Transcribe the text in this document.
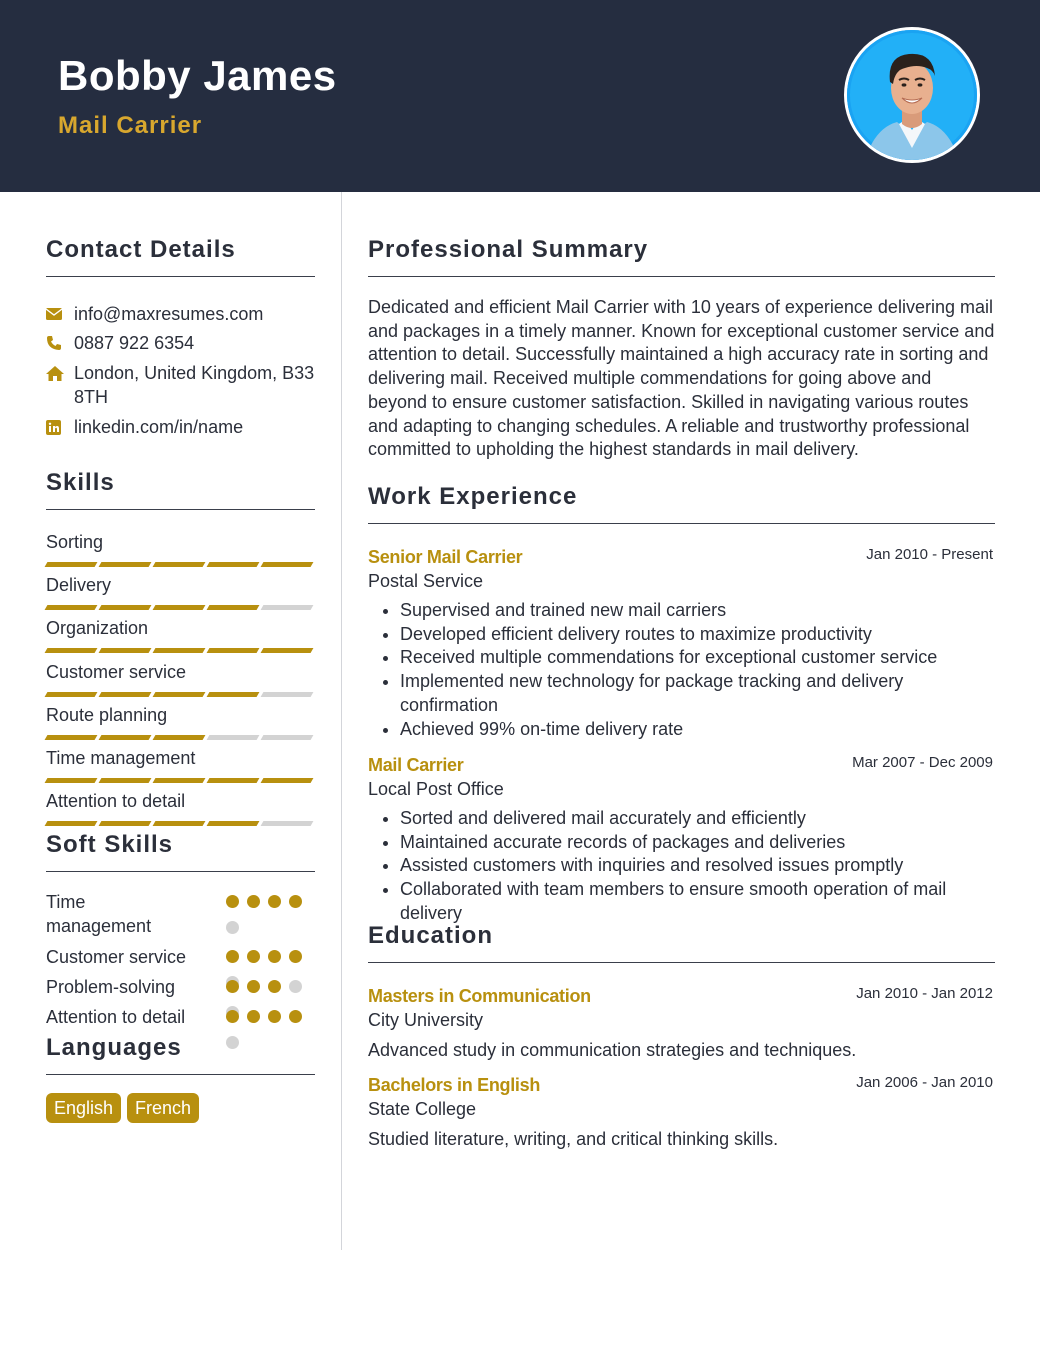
Bobby James
Mail Carrier
Contact Details
info@maxresumes.com
0887 922 6354
London, United Kingdom, B33 8TH
linkedin.com/in/name
Skills
Sorting
Delivery
Organization
Customer service
Route planning
Time management
Attention to detail
Soft Skills
Time management
Customer service
Problem-solving
Attention to detail
Languages
English	French
Professional Summary
Dedicated and efficient Mail Carrier with 10 years of experience delivering mail and packages in a timely manner. Known for exceptional customer service and attention to detail. Successfully maintained a high accuracy rate in sorting and delivering mail. Received multiple commendations for going above and beyond to ensure customer satisfaction. Skilled in navigating various routes and adapting to changing schedules. A reliable and trustworthy professional committed to upholding the highest standards in mail delivery.
Work Experience
Senior Mail Carrier	Jan 2010 - Present
Postal Service
• Supervised and trained new mail carriers
• Developed efficient delivery routes to maximize productivity
• Received multiple commendations for exceptional customer service
• Implemented new technology for package tracking and delivery confirmation
• Achieved 99% on-time delivery rate
Mail Carrier	Mar 2007 - Dec 2009
Local Post Office
• Sorted and delivered mail accurately and efficiently
• Maintained accurate records of packages and deliveries
• Assisted customers with inquiries and resolved issues promptly
• Collaborated with team members to ensure smooth operation of mail delivery
Education
Masters in Communication	Jan 2010 - Jan 2012
City University
Advanced study in communication strategies and techniques.
Bachelors in English	Jan 2006 - Jan 2010
State College
Studied literature, writing, and critical thinking skills.
